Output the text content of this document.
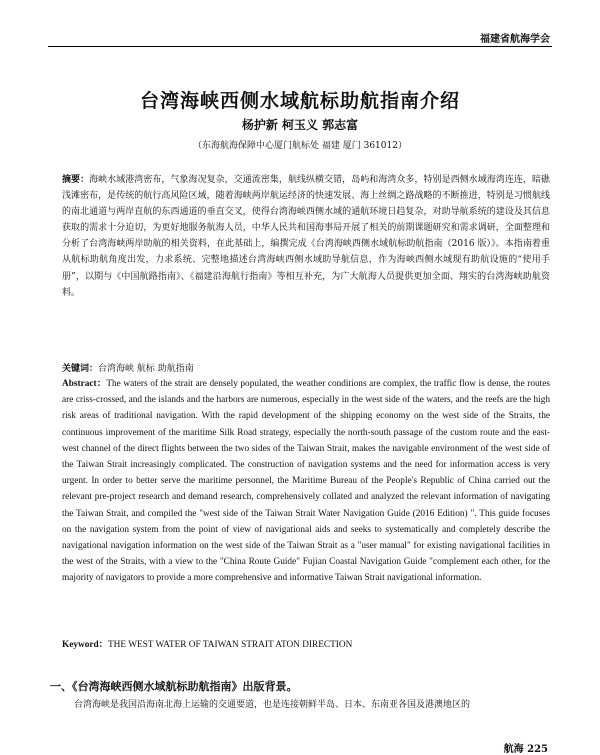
福建省航海学会
台湾海峡西侧水域航标助航指南介绍
杨护新 柯玉义 郭志富
（东海航海保障中心厦门航标处 福建 厦门 361012）

摘要：海峡水域港湾密布，气象海况复杂，交通流密集，航线纵横交错，岛屿和海湾众多，特别是西侧水域海湾连连，暗礁浅滩密布，是传统的航行高风险区域，随着海峡两岸航运经济的快速发展、海上丝绸之路战略的不断推进，特别是习惯航线的南北通道与两岸直航的东西通道的垂直交叉，使得台湾海峡西侧水域的通航环境日趋复杂，对助导航系统的建设及其信息获取的需求十分迫切，为更好地服务航海人员，中华人民共和国海事局开展了相关的前期课题研究和需求调研，全面整理和分析了台湾海峡两岸助航的相关资料，在此基础上，编撰完成《台湾海峡西侧水域航标助航指南（2016 版）》。本指南着重从航标助航角度出发，力求系统、完整地描述台湾海峡西侧水域助导航信息，作为海峡西侧水域现有助航设施的“使用手册”，以期与《中国航路指南》、《福建沿海航行指南》等相互补充，为广大航海人员提供更加全面、翔实的台湾海峡助航资料。

关键词：台湾海峡 航标 助航指南

Abstract：The waters of the strait are densely populated, the weather conditions are complex, the traffic flow is dense, the routes are criss-crossed, and the islands and the harbors are numerous, especially in the west side of the waters, and the reefs are the high risk areas of traditional navigation. With the rapid development of the shipping economy on the west side of the Straits, the continuous improvement of the maritime Silk Road strategy, especially the north-south passage of the custom route and the east-west channel of the direct flights between the two sides of the Taiwan Strait, makes the navigable environment of the west side of the Taiwan Strait increasingly complicated. The construction of navigation systems and the need for information access is very urgent. In order to better serve the maritime personnel, the Maritime Bureau of the People's Republic of China carried out the relevant pre-project research and demand research, comprehensively collated and analyzed the relevant information of navigating the Taiwan Strait, and compiled the "west side of the Taiwan Strait Water Navigation Guide (2016 Edition) ". This guide focuses on the navigation system from the point of view of navigational aids and seeks to systematically and completely describe the navigational navigation information on the west side of the Taiwan Strait as a "user manual" for existing navigational facilities in the west of the Straits, with a view to the "China Route Guide" Fujian Coastal Navigation Guide "complement each other, for the majority of navigators to provide a more comprehensive and informative Taiwan Strait navigational information.

Keyword：THE WEST WATER OF TAIWAN STRAIT ATON DIRECTION

一、《台湾海峡西侧水域航标助航指南》出版背景。

台湾海峡是我国沿海南北海上运输的交通要道，也是连接朝鲜半岛、日本、东南亚各国及港澳地区的

航海 225
